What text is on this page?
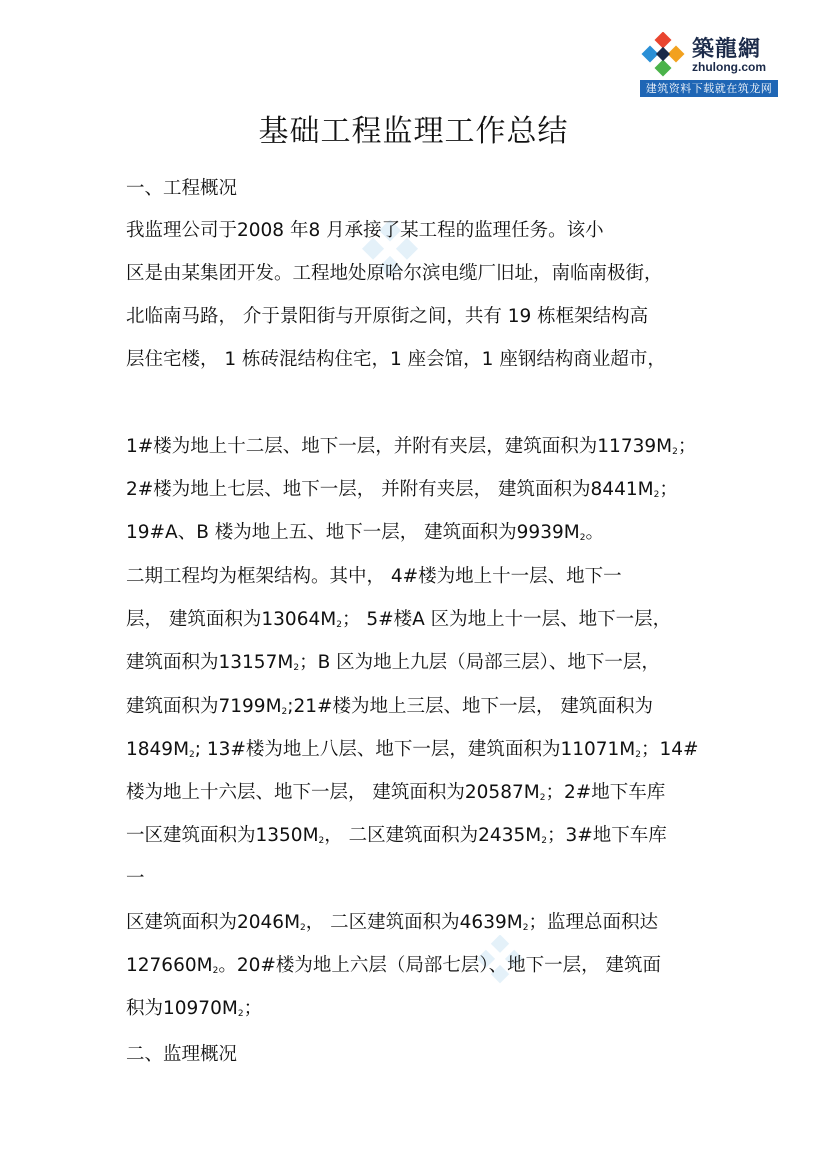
築龍網
zhulong.com
建筑资料下载就在筑龙网
基础工程监理工作总结
一、工程概况
我监理公司于2008 年8 月承接了某工程的监理任务。该小
区是由某集团开发。工程地处原哈尔滨电缆厂旧址，南临南极街，
北临南马路， 介于景阳街与开原街之间，共有 19 栋框架结构高
层住宅楼， 1 栋砖混结构住宅，1 座会馆，1 座钢结构商业超市，
1#楼为地上十二层、地下一层，并附有夹层，建筑面积为$11739M_2$；
2#楼为地上七层、地下一层， 并附有夹层， 建筑面积为$8441M_2$；
19#A、B 楼为地上五、地下一层， 建筑面积为$9939M_2$。
二期工程均为框架结构。其中， 4#楼为地上十一层、地下一
层， 建筑面积为$13064M_2$； 5#楼A 区为地上十一层、地下一层，
建筑面积为$13157M_2$；B 区为地上九层（局部三层）、地下一层，
建筑面积为$7199M_2;21\#$楼为地上三层、地下一层， 建筑面积为
$1849M_2$; 13#楼为地上八层、地下一层，建筑面积为$11071M_2$；14#
楼为地上十六层、地下一层， 建筑面积为$20587M_2$；2#地下车库
一区建筑面积为$1350M_2$， 二区建筑面积为$2435M_2$；3#地下车库
一
区建筑面积为$2046M_2$， 二区建筑面积为$4639M_2$；监理总面积达
$127660M_2$。20#楼为地上六层（局部七层）、地下一层， 建筑面
积为$10970M_2$；
二、监理概况
